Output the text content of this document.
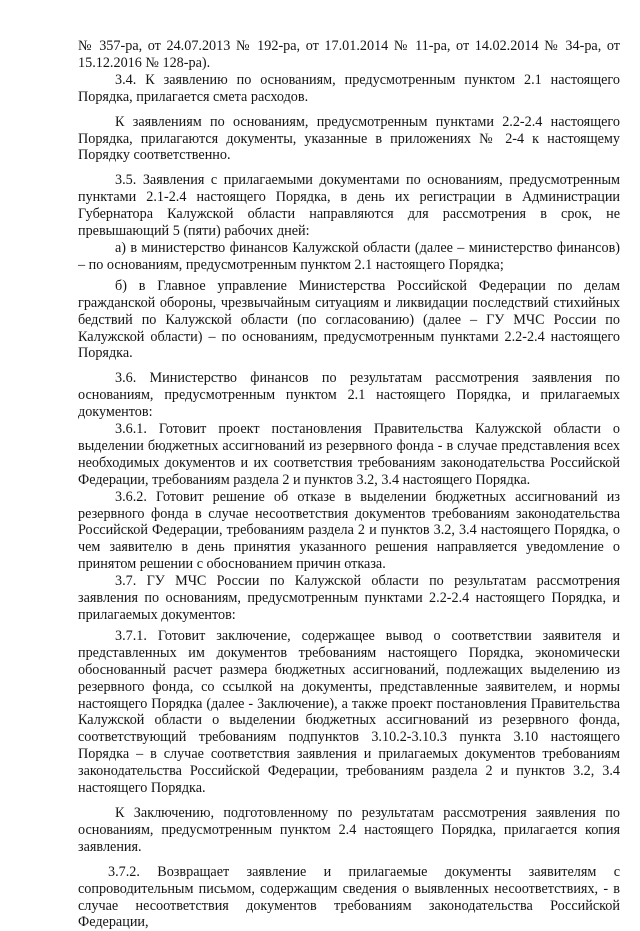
№ 357-ра, от 24.07.2013 № 192-ра, от 17.01.2014 № 11-ра, от 14.02.2014 № 34-ра, от 15.12.2016 № 128-ра).

3.4. К заявлению по основаниям, предусмотренным пунктом 2.1 настоящего Порядка, прилагается смета расходов.

К заявлениям по основаниям, предусмотренным пунктами 2.2-2.4 настоящего Порядка, прилагаются документы, указанные в приложениях № 2-4 к настоящему Порядку соответственно.

3.5. Заявления с прилагаемыми документами по основаниям, предусмотренным пунктами 2.1-2.4 настоящего Порядка, в день их регистрации в Администрации Губернатора Калужской области направляются для рассмотрения в срок, не превышающий 5 (пяти) рабочих дней:

а) в министерство финансов Калужской области (далее – министерство финансов) – по основаниям, предусмотренным пунктом 2.1 настоящего Порядка;

б) в Главное управление Министерства Российской Федерации по делам гражданской обороны, чрезвычайным ситуациям и ликвидации последствий стихийных бедствий по Калужской области (по согласованию) (далее – ГУ МЧС России по Калужской области) – по основаниям, предусмотренным пунктами 2.2-2.4 настоящего Порядка.

3.6. Министерство финансов по результатам рассмотрения заявления по основаниям, предусмотренным пунктом 2.1 настоящего Порядка, и прилагаемых документов:

3.6.1. Готовит проект постановления Правительства Калужской области о выделении бюджетных ассигнований из резервного фонда - в случае представления всех необходимых документов и их соответствия требованиям законодательства Российской Федерации, требованиям раздела 2 и пунктов 3.2, 3.4 настоящего Порядка.

3.6.2. Готовит решение об отказе в выделении бюджетных ассигнований из резервного фонда в случае несоответствия документов требованиям законодательства Российской Федерации, требованиям раздела 2 и пунктов 3.2, 3.4 настоящего Порядка, о чем заявителю в день принятия указанного решения направляется уведомление о принятом решении с обоснованием причин отказа.

3.7. ГУ МЧС России по Калужской области по результатам рассмотрения заявления по основаниям, предусмотренным пунктами 2.2-2.4 настоящего Порядка, и прилагаемых документов:

3.7.1. Готовит заключение, содержащее вывод о соответствии заявителя и представленных им документов требованиям настоящего Порядка, экономически обоснованный расчет размера бюджетных ассигнований, подлежащих выделению из резервного фонда, со ссылкой на документы, представленные заявителем, и нормы настоящего Порядка (далее - Заключение), а также проект постановления Правительства Калужской области о выделении бюджетных ассигнований из резервного фонда, соответствующий требованиям подпунктов 3.10.2-3.10.3 пункта 3.10 настоящего Порядка – в случае соответствия заявления и прилагаемых документов требованиям законодательства Российской Федерации, требованиям раздела 2 и пунктов 3.2, 3.4 настоящего Порядка.

К Заключению, подготовленному по результатам рассмотрения заявления по основаниям, предусмотренным пунктом 2.4 настоящего Порядка, прилагается копия заявления.

3.7.2. Возвращает заявление и прилагаемые документы заявителям с сопроводительным письмом, содержащим сведения о выявленных несоответствиях, - в случае несоответствия документов требованиям законодательства Российской Федерации,
